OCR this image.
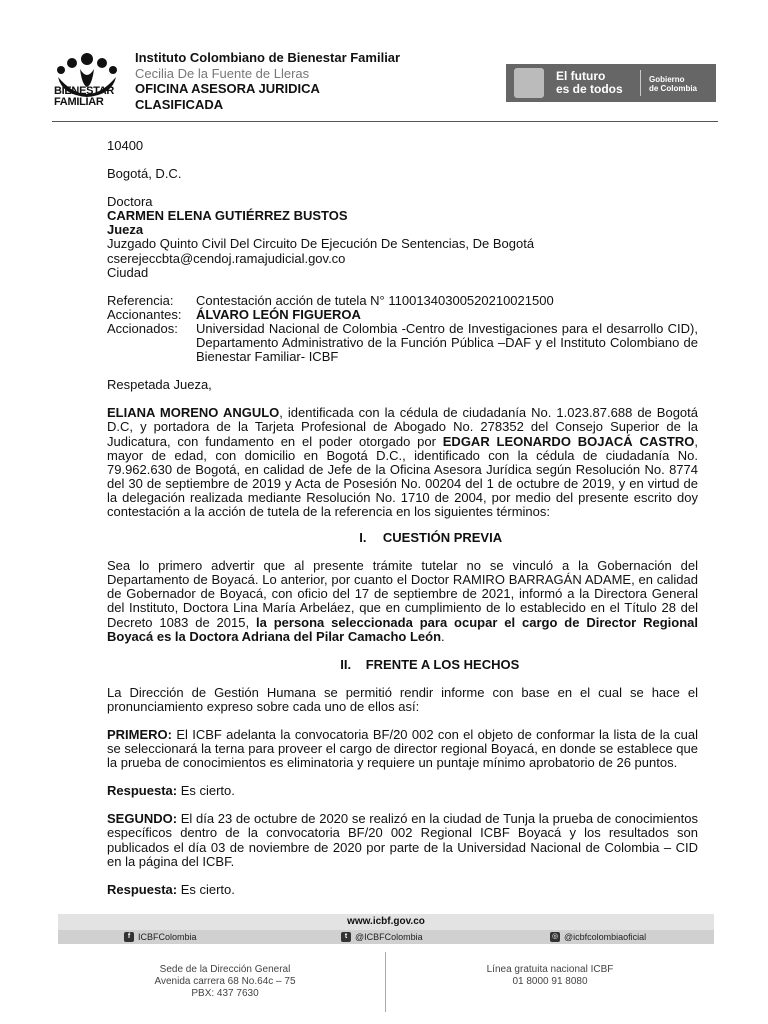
BIENESTAR
FAMILIAR
Instituto Colombiano de Bienestar Familiar
Cecilia De la Fuente de Lleras
OFICINA ASESORA JURIDICA
CLASIFICADA
El futuro
es de todos
Gobierno
de Colombia

10400

Bogotá, D.C.

Doctora

CARMEN ELENA GUTIÉRREZ BUSTOS

Jueza

Juzgado Quinto Civil Del Circuito De Ejecución De Sentencias, De Bogotá

cserejeccbta@cendoj.ramajudicial.gov.co

Ciudad

Referencia:	Contestación acción de tutela N° 11001340300520210021500
Accionantes:	ÁLVARO LEÓN FIGUEROA
Accionados:	Universidad Nacional de Colombia -Centro de Investigaciones para el desarrollo CID), Departamento Administrativo de la Función Pública –DAF y el Instituto Colombiano de Bienestar Familiar- ICBF

Respetada Jueza,

ELIANA MORENO ANGULO, identificada con la cédula de ciudadanía No. 1.023.87.688 de Bogotá D.C, y portadora de la Tarjeta Profesional de Abogado No. 278352 del Consejo Superior de la Judicatura, con fundamento en el poder otorgado por EDGAR LEONARDO BOJACÁ CASTRO, mayor de edad, con domicilio en Bogotá D.C., identificado con la cédula de ciudadanía No. 79.962.630 de Bogotá, en calidad de Jefe de la Oficina Asesora Jurídica según Resolución No. 8774 del 30 de septiembre de 2019 y Acta de Posesión No. 00204 del 1 de octubre de 2019, y en virtud de la delegación realizada mediante Resolución No. 1710 de 2004, por medio del presente escrito doy contestación a la acción de tutela de la referencia en los siguientes términos:

I. CUESTIÓN PREVIA

Sea lo primero advertir que al presente trámite tutelar no se vinculó a la Gobernación del Departamento de Boyacá. Lo anterior, por cuanto el Doctor RAMIRO BARRAGÁN ADAME, en calidad de Gobernador de Boyacá, con oficio del 17 de septiembre de 2021, informó a la Directora General del Instituto, Doctora Lina María Arbeláez, que en cumplimiento de lo establecido en el Título 28 del Decreto 1083 de 2015, la persona seleccionada para ocupar el cargo de Director Regional Boyacá es la Doctora Adriana del Pilar Camacho León.

II. FRENTE A LOS HECHOS

La Dirección de Gestión Humana se permitió rendir informe con base en el cual se hace el pronunciamiento expreso sobre cada uno de ellos así:

PRIMERO: El ICBF adelanta la convocatoria BF/20 002 con el objeto de conformar la lista de la cual se seleccionará la terna para proveer el cargo de director regional Boyacá, en donde se establece que la prueba de conocimientos es eliminatoria y requiere un puntaje mínimo aprobatorio de 26 puntos.

Respuesta: Es cierto.

SEGUNDO: El día 23 de octubre de 2020 se realizó en la ciudad de Tunja la prueba de conocimientos específicos dentro de la convocatoria BF/20 002 Regional ICBF Boyacá y los resultados son publicados el día 03 de noviembre de 2020 por parte de la Universidad Nacional de Colombia – CID en la página del ICBF.

Respuesta: Es cierto.

www.icbf.gov.co
f ICBFColombia	t @ICBFColombia	◎ @icbfcolombiaoficial
Sede de la Dirección General
Avenida carrera 68 No.64c – 75
PBX: 437 7630
Línea gratuita nacional ICBF
01 8000 91 8080
